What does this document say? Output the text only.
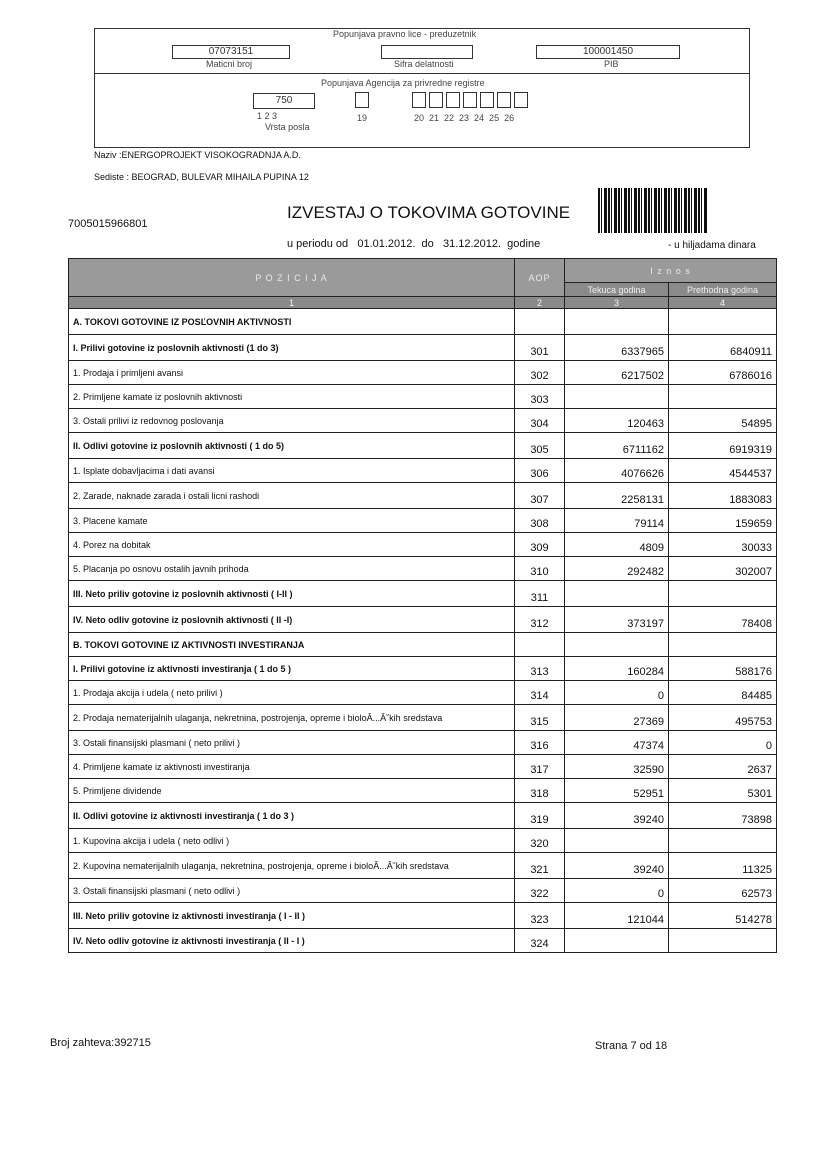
Popunjava pravno lice - preduzetnik
07073151
Maticni broj	Sifra delatnosti
100001450
PIB
Popunjava Agencija za privredne registre
750
1 2 3
Vrsta posla
19	20  21  22  23  24  25  26
Naziv :ENERGOPROJEKT VISOKOGRADNJA A.D.
Sediste : BEOGRAD, BULEVAR MIHAILA PUPINA 12
7005015966801
IZVESTAJ O TOKOVIMA GOTOVINE
u periodu od   01.01.2012.  do   31.12.2012.  godine	- u hiljadama dinara
P O Z I C I J A	AOP	I z n o s	
		Tekuca godina	Prethodna godina
1	2	3	4
A. TOKOVI GOTOVINE IZ POSĽOVNIH AKTIVNOSTI			
I. Prilivi gotovine iz poslovnih aktivnosti (1 do 3)	301	6337965	6840911
1. Prodaja i primljeni avansi	302	6217502	6786016
2. Primljene kamate iz poslovnih aktivnosti	303		
3. Ostali prilivi iz redovnog poslovanja	304	120463	54895
II. Odlivi gotovine iz poslovnih aktivnosti ( 1 do 5)	305	6711162	6919319
1. Isplate dobavljacima i dati avansi	306	4076626	4544537
2. Zarade, naknade zarada i ostali licni rashodi	307	2258131	1883083
3. Placene kamate	308	79114	159659
4. Porez na dobitak	309	4809	30033
5. Placanja po osnovu ostalih javnih prihoda	310	292482	302007
III. Neto priliv gotovine iz poslovnih aktivnosti ( I-II )	311		
IV. Neto odliv gotovine iz poslovnih aktivnosti ( II -I)	312	373197	78408
B. TOKOVI GOTOVINE IZ AKTIVNOSTI INVESTIRANJA			
I. Prilivi gotovine iz aktivnosti investiranja ( 1 do 5 )	313	160284	588176
1. Prodaja akcija i udela ( neto prilivi )	314	0	84485
2. Prodaja nematerijalnih ulaganja, nekretnina, postrojenja, opreme i bioloÂ...Â˘kih sredstava	315	27369	495753
3. Ostali finansijski plasmani ( neto prilivi )	316	47374	0
4. Primljene kamate iz aktivnosti investiranja	317	32590	2637
5. Primljene dividende	318	52951	5301
II. Odlivi gotovine iz aktivnosti investiranja ( 1 do 3 )	319	39240	73898
1. Kupovina akcija i udela ( neto odlivi )	320		
2. Kupovina nematerijalnih ulaganja, nekretnina, postrojenja, opreme i bioloÂ...Â˘kih sredstava	321	39240	11325
3. Ostali finansijski plasmani ( neto odlivi )	322	0	62573
III. Neto priliv gotovine iz aktivnosti investiranja ( I - II )	323	121044	514278
IV. Neto odliv gotovine iz aktivnosti investiranja ( II - I )	324		
Broj zahteva:392715	Strana 7 od 18
